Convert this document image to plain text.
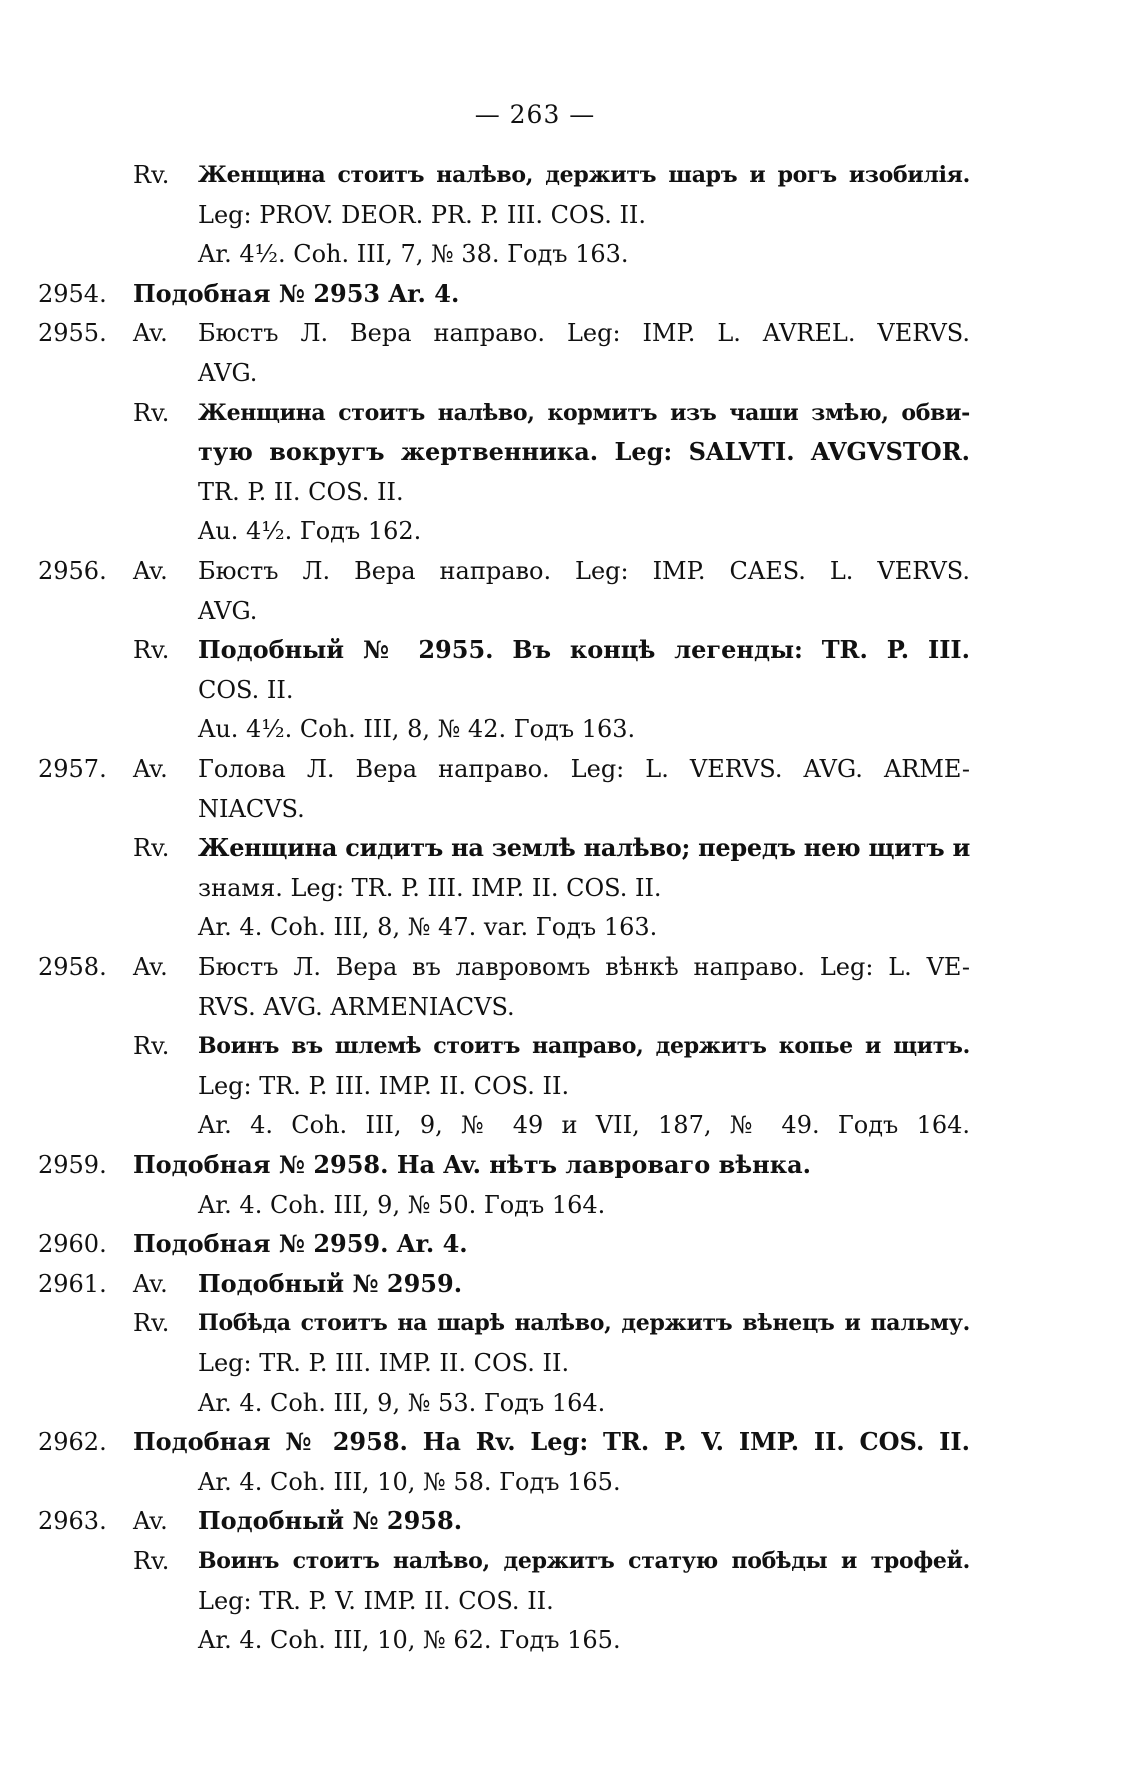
— 263 —
Rv. Женщина стоитъ налѣво, держитъ шаръ и рогъ изобилія.
Leg: PROV. DEOR. PR. P. III. COS. II.
Ar. 4½. Coh. III, 7, № 38. Годъ 163.
2954. Подобная № 2953 Ar. 4.
2955. Av. Бюстъ Л. Вера направо. Leg: IMP. L. AVREL. VERVS.
AVG.
Rv. Женщина стоитъ налѣво, кормитъ изъ чаши змѣю, обви-
тую вокругъ жертвенника. Leg: SALVTI. AVGVSTOR.
TR. P. II. COS. II.
Au. 4½. Годъ 162.
2956. Av. Бюстъ Л. Вера направо. Leg: IMP. CAES. L. VERVS.
AVG.
Rv. Подобный № 2955. Въ концѣ легенды: TR. P. III.
COS. II.
Au. 4½. Coh. III, 8, № 42. Годъ 163.
2957. Av. Голова Л. Вера направо. Leg: L. VERVS. AVG. ARME-
NIACVS.
Rv. Женщина сидитъ на землѣ налѣво; передъ нею щитъ и
знамя. Leg: TR. P. III. IMP. II. COS. II.
Ar. 4. Coh. III, 8, № 47. var. Годъ 163.
2958. Av. Бюстъ Л. Вера въ лавровомъ вѣнкѣ направо. Leg: L. VE-
RVS. AVG. ARMENIACVS.
Rv. Воинъ въ шлемѣ стоитъ направо, держитъ копье и щитъ.
Leg: TR. P. III. IMP. II. COS. II.
Ar. 4. Coh. III, 9, № 49 и VII, 187, № 49. Годъ 164.
2959. Подобная № 2958. На Av. нѣтъ лавроваго вѣнка.
Ar. 4. Coh. III, 9, № 50. Годъ 164.
2960. Подобная № 2959. Ar. 4.
2961. Av. Подобный № 2959.
Rv. Побѣда стоитъ на шарѣ налѣво, держитъ вѣнецъ и пальму.
Leg: TR. P. III. IMP. II. COS. II.
Ar. 4. Coh. III, 9, № 53. Годъ 164.
2962. Подобная № 2958. На Rv. Leg: TR. P. V. IMP. II. COS. II.
Ar. 4. Coh. III, 10, № 58. Годъ 165.
2963. Av. Подобный № 2958.
Rv. Воинъ стоитъ налѣво, держитъ статую побѣды и трофей.
Leg: TR. P. V. IMP. II. COS. II.
Ar. 4. Coh. III, 10, № 62. Годъ 165.
